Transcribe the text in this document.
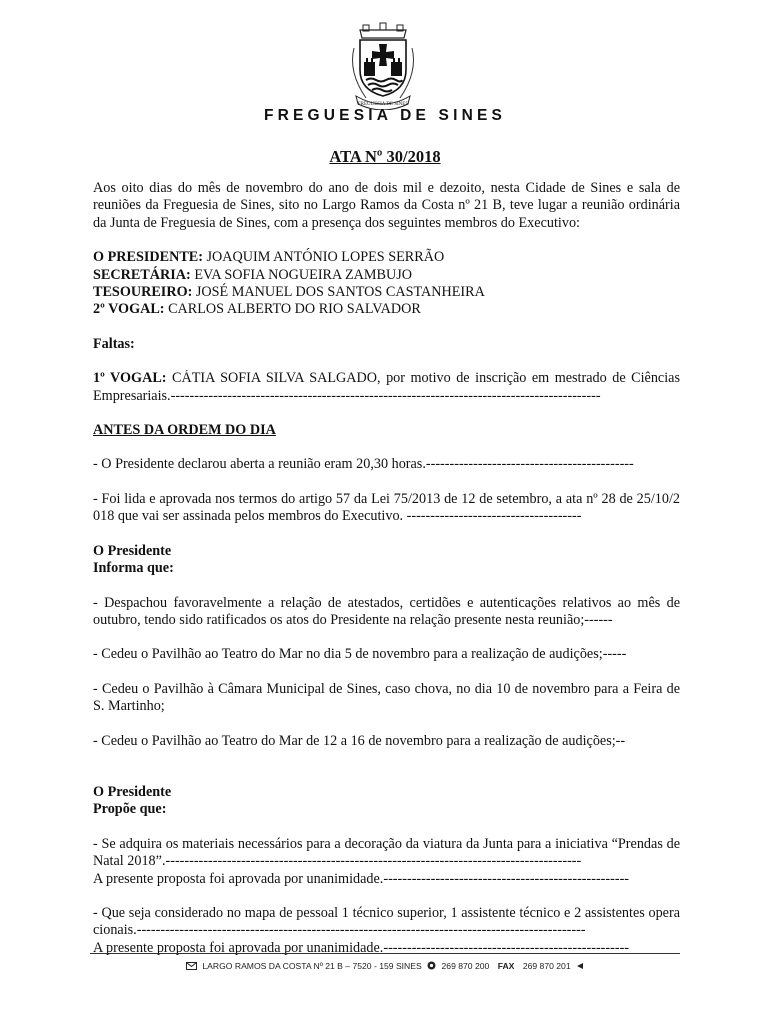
FREGUESIA DE SINES
FREGUESIA DE SINES
ATA Nº 30/2018

Aos oito dias do mês de novembro do ano de dois mil e dezoito, nesta Cidade de Sines e sala de reuniões da Freguesia de Sines, sito no Largo Ramos da Costa nº 21 B, teve lugar a reunião ordinária da Junta de Freguesia de Sines, com a presença dos seguintes membros do Executivo:

O PRESIDENTE: JOAQUIM ANTÓNIO LOPES SERRÃO

SECRETÁRIA: EVA SOFIA NOGUEIRA ZAMBUJO

TESOUREIRO: JOSÉ MANUEL DOS SANTOS CASTANHEIRA

2º VOGAL: CARLOS ALBERTO DO RIO SALVADOR

Faltas:

1º VOGAL: CÁTIA SOFIA SILVA SALGADO, por motivo de inscrição em mestrado de Ciências Empresariais.-------------------------------------------------------------------------------------------

ANTES DA ORDEM DO DIA

- O Presidente declarou aberta a reunião eram 20,30 horas.--------------------------------------------

- Foi lida e aprovada nos termos do artigo 57 da Lei 75/2013 de 12 de setembro, a ata nº 28 de 25/10/2018 que vai ser assinada pelos membros do Executivo. -------------------------------------

O Presidente

Informa que:

- Despachou favoravelmente a relação de atestados, certidões e autenticações relativos ao mês de outubro, tendo sido ratificados os atos do Presidente na relação presente nesta reunião;------

- Cedeu o Pavilhão ao Teatro do Mar no dia 5 de novembro para a realização de audições;-----

- Cedeu o Pavilhão à Câmara Municipal de Sines, caso chova, no dia 10 de novembro para a Feira de S. Martinho;

- Cedeu o Pavilhão ao Teatro do Mar de 12 a 16 de novembro para a realização de audições;--

O Presidente

Propõe que:

- Se adquira os materiais necessários para a decoração da viatura da Junta para a iniciativa “Prendas de Natal 2018”.----------------------------------------------------------------------------------------

A presente proposta foi aprovada por unanimidade.----------------------------------------------------

- Que seja considerado no mapa de pessoal 1 técnico superior, 1 assistente técnico e 2 assistentes operacionais.-----------------------------------------------------------------------------------------------

A presente proposta foi aprovada por unanimidade.----------------------------------------------------

LARGO RAMOS DA COSTA Nº 21 B – 7520 - 159 SINES 269 870 200 FAX 269 870 201
